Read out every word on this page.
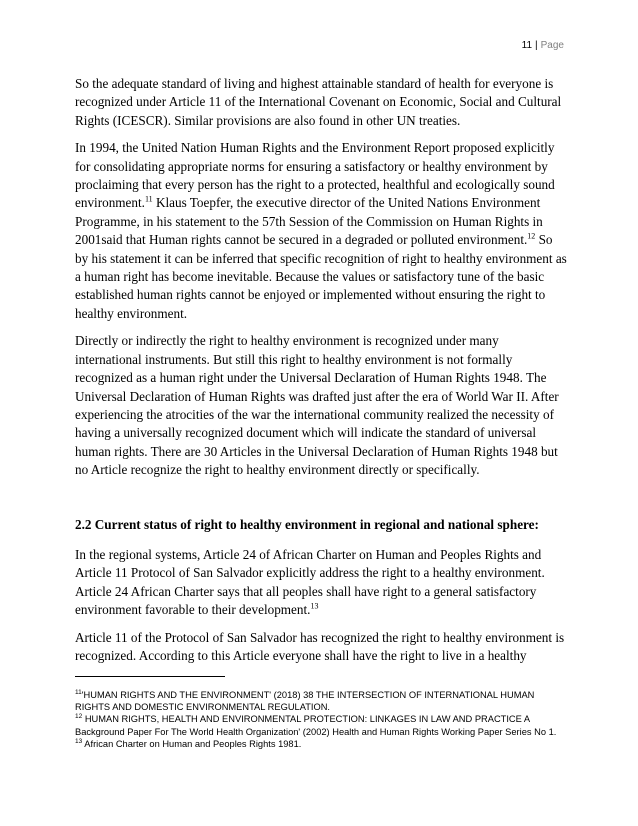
11 | Page

So the adequate standard of living and highest attainable standard of health for everyone is recognized under Article 11 of the International Covenant on Economic, Social and Cultural Rights (ICESCR). Similar provisions are also found in other UN treaties.

In 1994, the United Nation Human Rights and the Environment Report proposed explicitly for consolidating appropriate norms for ensuring a satisfactory or healthy environment by proclaiming that every person has the right to a protected, healthful and ecologically sound environment.$^{11}$ Klaus Toepfer, the executive director of the United Nations Environment Programme, in his statement to the 57th Session of the Commission on Human Rights in 2001said that Human rights cannot be secured in a degraded or polluted environment.$^{12}$ So by his statement it can be inferred that specific recognition of right to healthy environment as a human right has become inevitable. Because the values or satisfactory tune of the basic established human rights cannot be enjoyed or implemented without ensuring the right to healthy environment.

Directly or indirectly the right to healthy environment is recognized under many international instruments. But still this right to healthy environment is not formally recognized as a human right under the Universal Declaration of Human Rights 1948. The Universal Declaration of Human Rights was drafted just after the era of World War II. After experiencing the atrocities of the war the international community realized the necessity of having a universally recognized document which will indicate the standard of universal human rights. There are 30 Articles in the Universal Declaration of Human Rights 1948 but no Article recognize the right to healthy environment directly or specifically.

2.2 Current status of right to healthy environment in regional and national sphere:

In the regional systems, Article 24 of African Charter on Human and Peoples Rights and Article 11 Protocol of San Salvador explicitly address the right to a healthy environment. Article 24 African Charter says that all peoples shall have right to a general satisfactory environment favorable to their development.$^{13}$

Article 11 of the Protocol of San Salvador has recognized the right to healthy environment is recognized. According to this Article everyone shall have the right to live in a healthy

$^{11}$'HUMAN RIGHTS AND THE ENVIRONMENT' (2018) 38 THE INTERSECTION OF INTERNATIONAL HUMAN RIGHTS AND DOMESTIC ENVIRONMENTAL REGULATION.

$^{12}$ HUMAN RIGHTS, HEALTH AND ENVIRONMENTAL PROTECTION: LINKAGES IN LAW AND PRACTICE A Background Paper For The World Health Organization' (2002) Health and Human Rights Working Paper Series No 1.

$^{13}$ African Charter on Human and Peoples Rights 1981.
